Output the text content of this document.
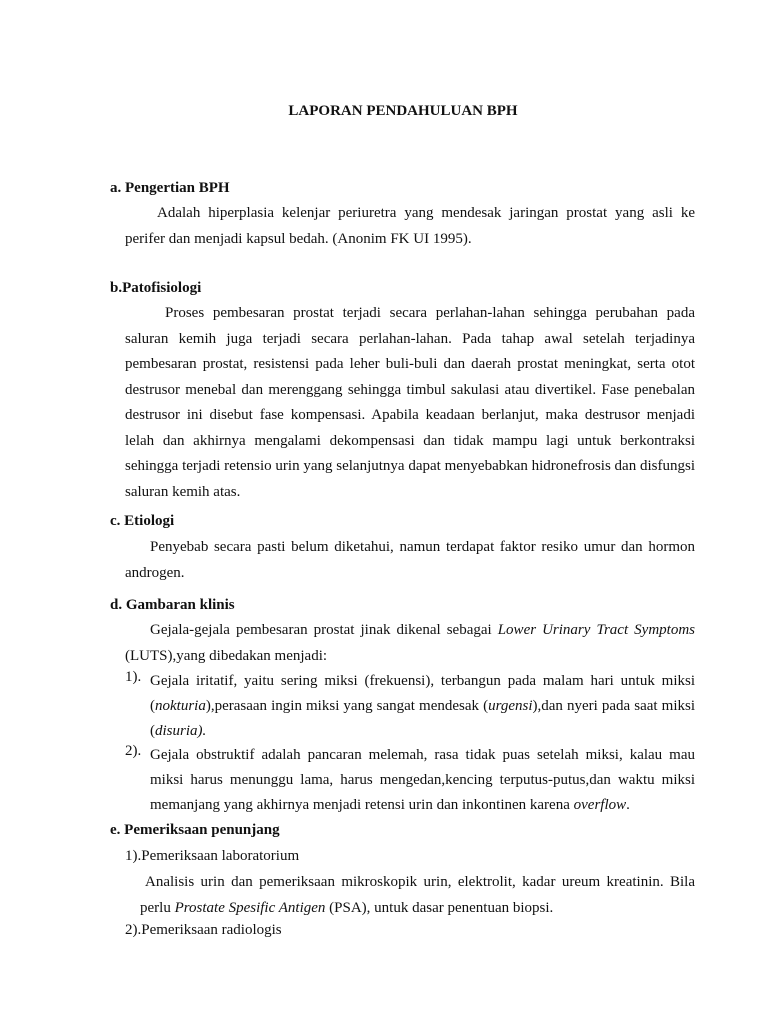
LAPORAN PENDAHULUAN BPH
a. Pengertian BPH

Adalah hiperplasia kelenjar periuretra yang mendesak jaringan prostat yang asli ke perifer dan menjadi kapsul bedah. (Anonim FK UI 1995).

b.Patofisiologi

Proses pembesaran prostat terjadi secara perlahan-lahan sehingga perubahan pada saluran kemih juga terjadi secara perlahan-lahan. Pada tahap awal setelah terjadinya pembesaran prostat, resistensi pada leher buli-buli dan daerah prostat meningkat, serta otot destrusor menebal dan merenggang sehingga timbul sakulasi atau divertikel. Fase penebalan destrusor ini disebut fase kompensasi. Apabila keadaan berlanjut, maka destrusor menjadi lelah dan akhirnya mengalami dekompensasi dan tidak mampu lagi untuk berkontraksi sehingga terjadi retensio urin yang selanjutnya dapat menyebabkan hidronefrosis dan disfungsi saluran kemih atas.

c. Etiologi

Penyebab secara pasti belum diketahui, namun terdapat faktor resiko umur dan hormon androgen.

d. Gambaran klinis

Gejala-gejala pembesaran prostat jinak dikenal sebagai Lower Urinary Tract Symptoms (LUTS),yang dibedakan menjadi:

1). Gejala iritatif, yaitu sering miksi (frekuensi), terbangun pada malam hari untuk miksi (nokturia),perasaan ingin miksi yang sangat mendesak (urgensi),dan nyeri pada saat miksi (disuria).
2). Gejala obstruktif adalah pancaran melemah, rasa tidak puas setelah miksi, kalau mau miksi harus menunggu lama, harus mengedan,kencing terputus-putus,dan waktu miksi memanjang yang akhirnya menjadi retensi urin dan inkontinen karena overflow.
e. Pemeriksaan penunjang
1).Pemeriksaan laboratorium

Analisis urin dan pemeriksaan mikroskopik urin, elektrolit, kadar ureum kreatinin. Bila perlu Prostate Spesific Antigen (PSA), untuk dasar penentuan biopsi.

2).Pemeriksaan radiologis
